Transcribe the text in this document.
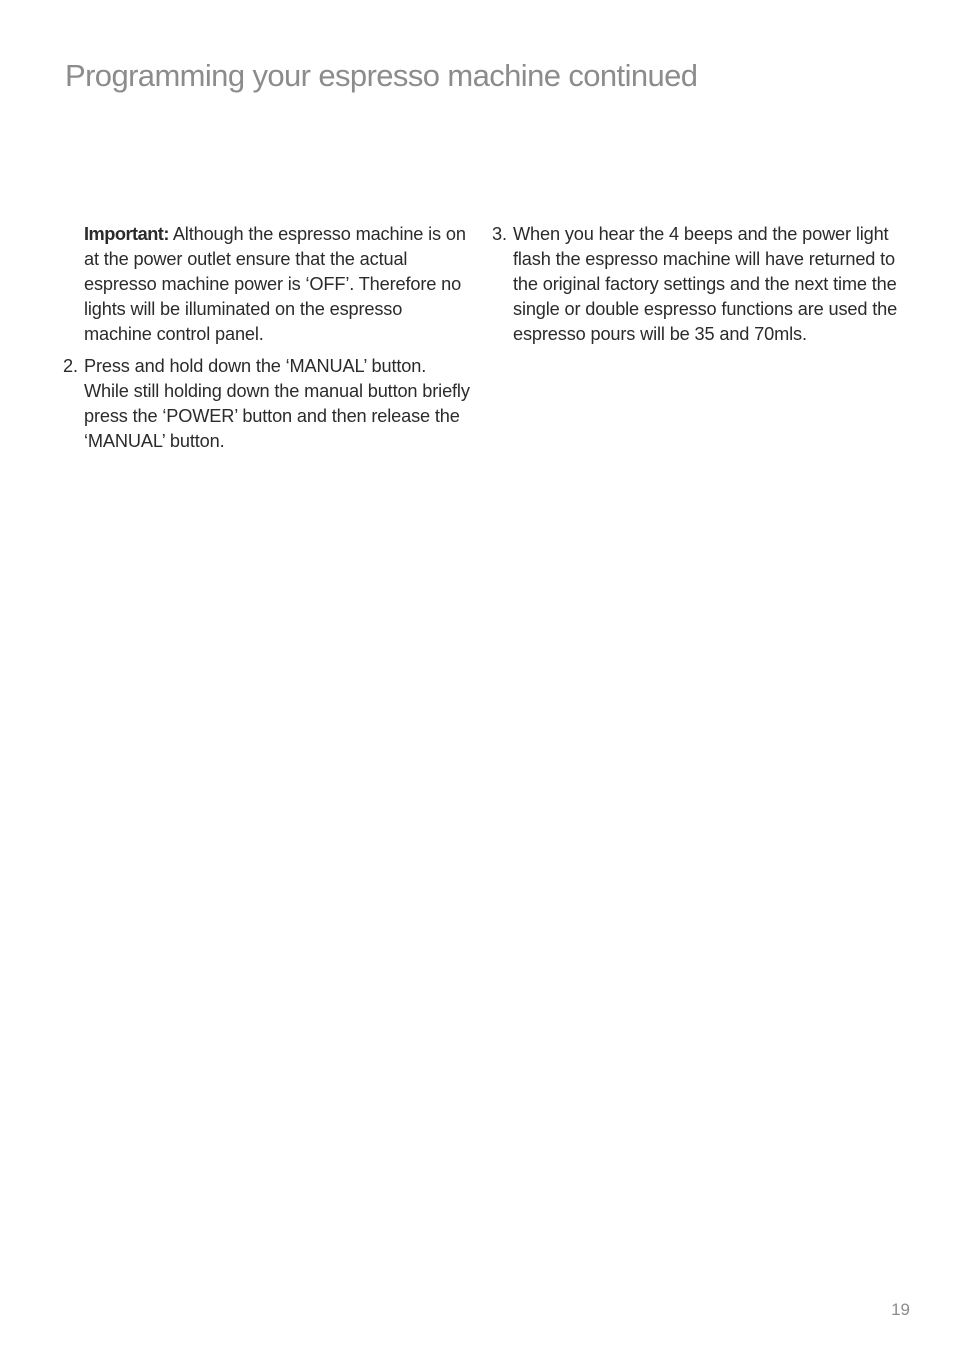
Programming your espresso machine continued

Important: Although the espresso machine is on at the power outlet ensure that the actual espresso machine power is ‘OFF’. Therefore no lights will be illuminated on the espresso machine control panel.

2. Press and hold down the ‘MANUAL’ button. While still holding down the manual button briefly press the ‘POWER’ button and then release the ‘MANUAL’ button.
3. When you hear the 4 beeps and the power light flash the espresso machine will have returned to the original factory settings and the next time the single or double espresso functions are used the espresso pours will be 35 and 70mls.
19
